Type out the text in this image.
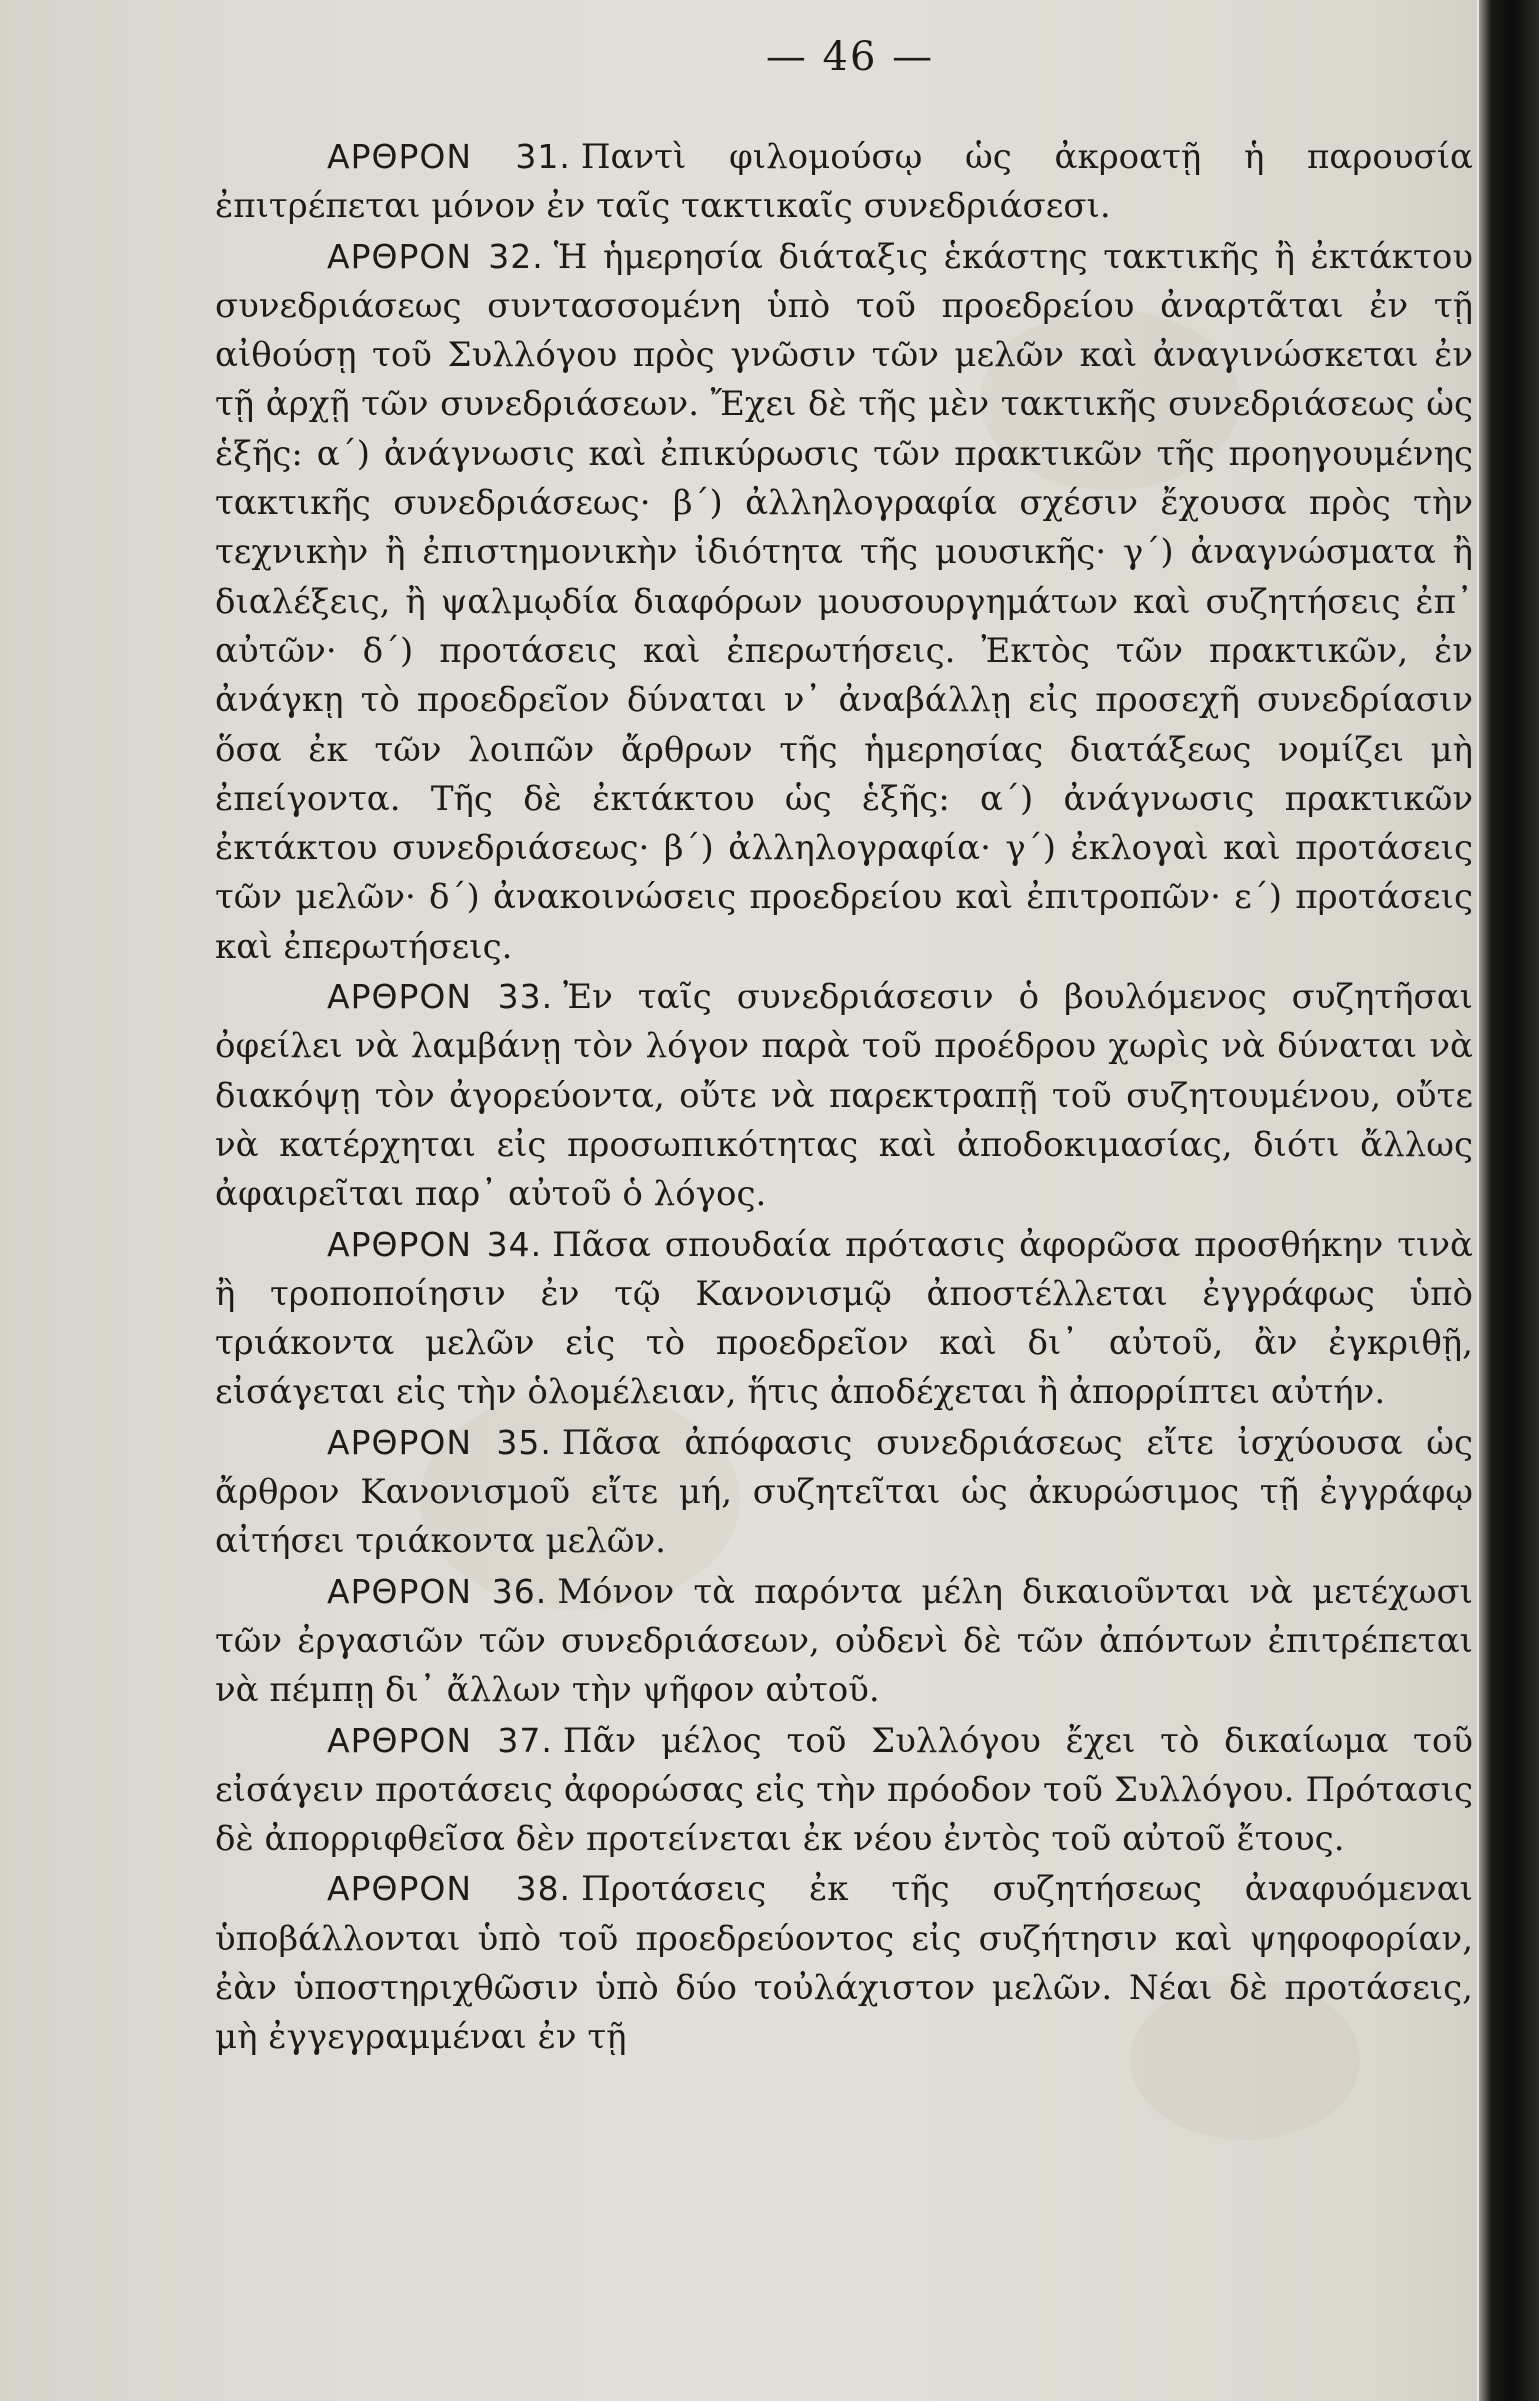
— 46 —

ΑΡΘΡΟΝ 31. Παντὶ φιλομούσῳ ὡς ἀκροατῇ ἡ παρουσία ἐπιτρέπεται μόνον ἐν ταῖς τακτικαῖς συνεδριάσεσι.

ΑΡΘΡΟΝ 32. Ἡ ἡμερησία διάταξις ἑκάστης τακτικῆς ἢ ἐκτάκτου συνεδριάσεως συντασσομένη ὑπὸ τοῦ προεδρείου ἀναρτᾶται ἐν τῇ αἰθούσῃ τοῦ Συλλόγου πρὸς γνῶσιν τῶν μελῶν καὶ ἀναγινώσκεται ἐν τῇ ἀρχῇ τῶν συνεδριάσεων. Ἔχει δὲ τῆς μὲν τακτικῆς συνεδριάσεως ὡς ἑξῆς: α΄) ἀνάγνωσις καὶ ἐπικύρωσις τῶν πρακτικῶν τῆς προηγουμένης τακτικῆς συνεδριάσεως· β΄) ἀλληλογραφία σχέσιν ἔχουσα πρὸς τὴν τεχνικὴν ἢ ἐπιστημονικὴν ἰδιότητα τῆς μουσικῆς· γ΄) ἀναγνώσματα ἢ διαλέξεις, ἢ ψαλμῳδία διαφόρων μουσουργημάτων καὶ συζητήσεις ἐπ᾽ αὐτῶν· δ΄) προτάσεις καὶ ἐπερωτήσεις. Ἐκτὸς τῶν πρακτικῶν, ἐν ἀνάγκῃ τὸ προεδρεῖον δύναται ν᾽ ἀναβάλλῃ εἰς προσεχῆ συνεδρίασιν ὅσα ἐκ τῶν λοιπῶν ἄρθρων τῆς ἡμερησίας διατάξεως νομίζει μὴ ἐπείγοντα. Τῆς δὲ ἐκτάκτου ὡς ἑξῆς: α΄) ἀνάγνωσις πρακτικῶν ἐκτάκτου συνεδριάσεως· β΄) ἀλληλογραφία· γ΄) ἐκλογαὶ καὶ προτάσεις τῶν μελῶν· δ΄) ἀνακοινώσεις προεδρείου καὶ ἐπιτροπῶν· ε΄) προτάσεις καὶ ἐπερωτήσεις.

ΑΡΘΡΟΝ 33. Ἐν ταῖς συνεδριάσεσιν ὁ βουλόμενος συζητῆσαι ὀφείλει νὰ λαμβάνῃ τὸν λόγον παρὰ τοῦ προέδρου χωρὶς νὰ δύναται νὰ διακόψῃ τὸν ἀγορεύοντα, οὔτε νὰ παρεκτραπῇ τοῦ συζητουμένου, οὔτε νὰ κατέρχηται εἰς προσωπικότητας καὶ ἀποδοκιμασίας, διότι ἄλλως ἀφαιρεῖται παρ᾽ αὐτοῦ ὁ λόγος.

ΑΡΘΡΟΝ 34. Πᾶσα σπουδαία πρότασις ἀφορῶσα προσθήκην τινὰ ἢ τροποποίησιν ἐν τῷ Κανονισμῷ ἀποστέλλεται ἐγγράφως ὑπὸ τριάκοντα μελῶν εἰς τὸ προεδρεῖον καὶ δι᾽ αὐτοῦ, ἂν ἐγκριθῇ, εἰσάγεται εἰς τὴν ὁλομέλειαν, ἥτις ἀποδέχεται ἢ ἀπορρίπτει αὐτήν.

ΑΡΘΡΟΝ 35. Πᾶσα ἀπόφασις συνεδριάσεως εἴτε ἰσχύουσα ὡς ἄρθρον Κανονισμοῦ εἴτε μή, συζητεῖται ὡς ἀκυρώσιμος τῇ ἐγγράφῳ αἰτήσει τριάκοντα μελῶν.

ΑΡΘΡΟΝ 36. Μόνον τὰ παρόντα μέλη δικαιοῦνται νὰ μετέχωσι τῶν ἐργασιῶν τῶν συνεδριάσεων, οὐδενὶ δὲ τῶν ἀπόντων ἐπιτρέπεται νὰ πέμπῃ δι᾽ ἄλλων τὴν ψῆφον αὐτοῦ.

ΑΡΘΡΟΝ 37. Πᾶν μέλος τοῦ Συλλόγου ἔχει τὸ δικαίωμα τοῦ εἰσάγειν προτάσεις ἀφορώσας εἰς τὴν πρόοδον τοῦ Συλλόγου. Πρότασις δὲ ἀπορριφθεῖσα δὲν προτείνεται ἐκ νέου ἐντὸς τοῦ αὐτοῦ ἔτους.

ΑΡΘΡΟΝ 38. Προτάσεις ἐκ τῆς συζητήσεως ἀναφυόμεναι ὑποβάλλονται ὑπὸ τοῦ προεδρεύοντος εἰς συζήτησιν καὶ ψηφοφορίαν, ἐὰν ὑποστηριχθῶσιν ὑπὸ δύο τοὐλάχιστον μελῶν. Νέαι δὲ προτάσεις, μὴ ἐγγεγραμμέναι ἐν τῇ
